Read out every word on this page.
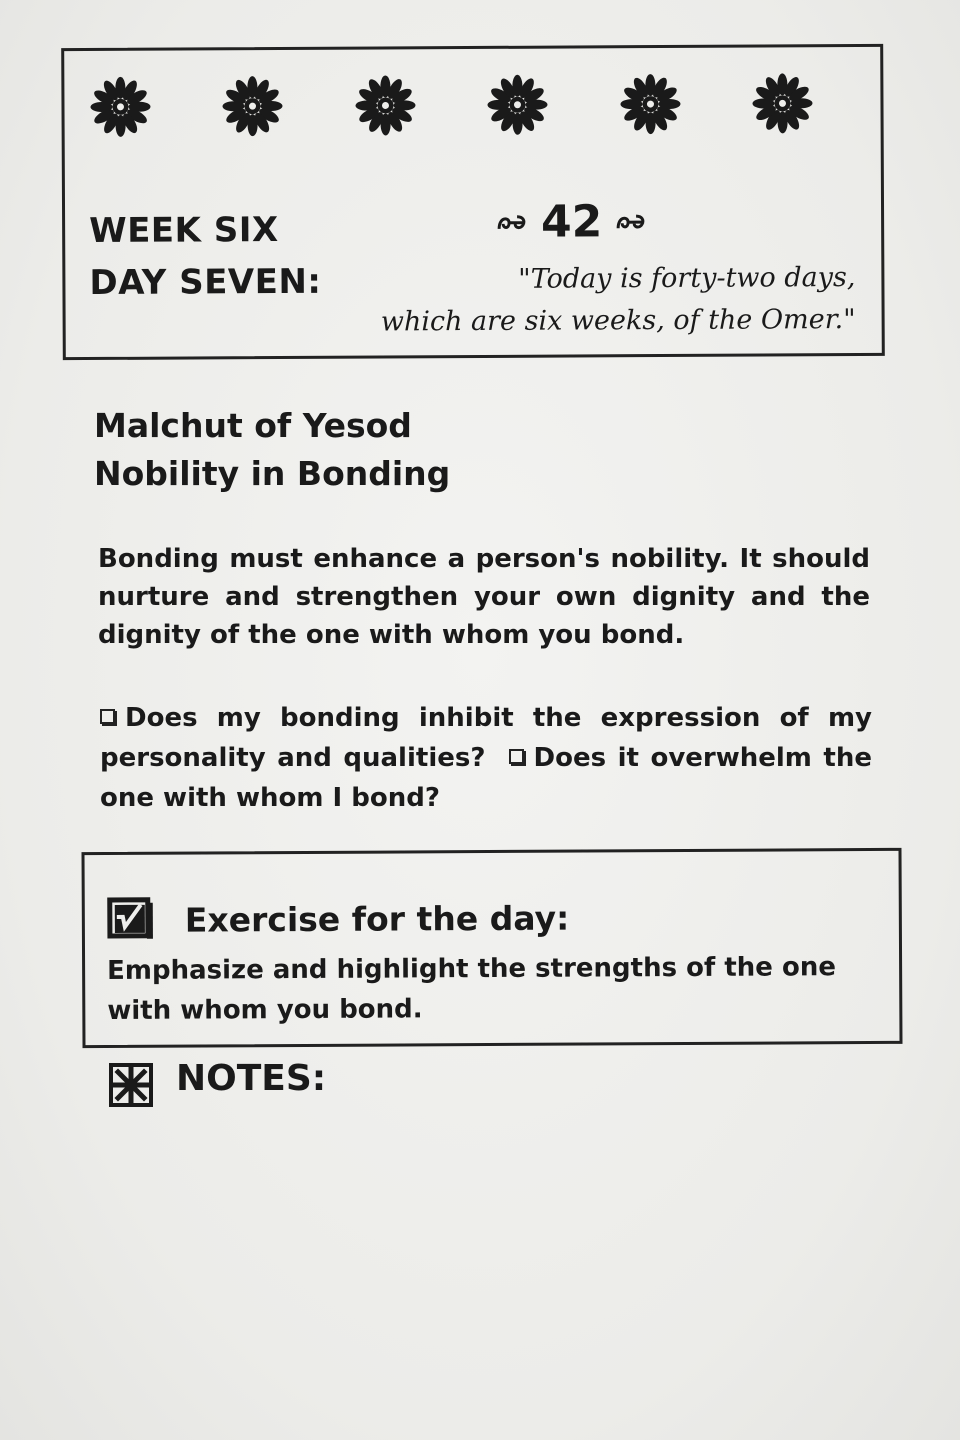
WEEK SIX
DAY SEVEN:
42
"Today is forty-two days,
which are six weeks, of the Omer."
Malchut of Yesod
Nobility in Bonding
Bonding must enhance a person's nobility. It should nurture and strengthen your own dignity and the dignity of the one with whom you bond.
Does my bonding inhibit the expression of my personality and qualities? Does it overwhelm the one with whom I bond?
Exercise for the day:
Emphasize and highlight the strengths of the one with whom you bond.
NOTES:
